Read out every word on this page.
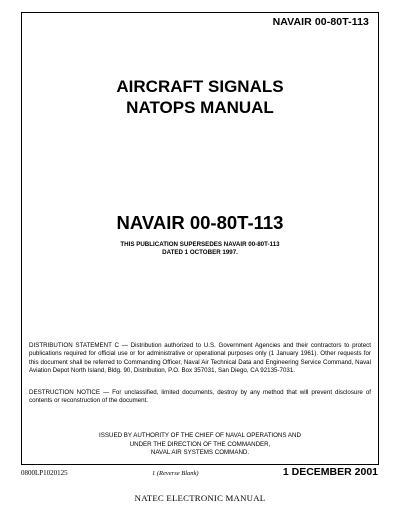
NAVAIR 00-80T-113
AIRCRAFT SIGNALS
NATOPS MANUAL
NAVAIR 00-80T-113
THIS PUBLICATION SUPERSEDES NAVAIR 00-80T-113
DATED 1 OCTOBER 1997.
DISTRIBUTION STATEMENT C — Distribution authorized to U.S. Government Agencies and their contractors to protect publications required for official use or for administrative or operational purposes only (1 January 1961). Other requests for this document shall be referred to Commanding Officer, Naval Air Technical Data and Engineering Service Command, Naval Aviation Depot North Island, Bldg. 90, Distribution, P.O. Box 357031, San Diego, CA 92135-7031.
DESTRUCTION NOTICE — For unclassified, limited documents, destroy by any method that will prevent disclosure of contents or reconstruction of the document.
ISSUED BY AUTHORITY OF THE CHIEF OF NAVAL OPERATIONS AND
UNDER THE DIRECTION OF THE COMMANDER,
NAVAL AIR SYSTEMS COMMAND.
0800LP1020125	1 (Reverse Blank)	1 DECEMBER 2001
NATEC ELECTRONIC MANUAL
